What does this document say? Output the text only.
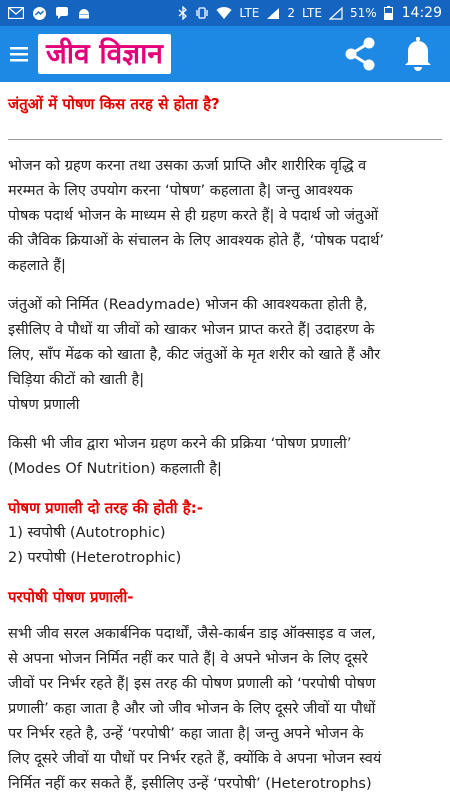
LTE 2 LTE 51% 14:29
जीव विज्ञान
जंतुओं में पोषण किस तरह से होता है?
भोजन को ग्रहण करना तथा उसका ऊर्जा प्राप्ति और शारीरिक वृद्धि व
मरम्मत के लिए उपयोग करना ‘पोषण’ कहलाता है| जन्तु आवश्यक
पोषक पदार्थ भोजन के माध्यम से ही ग्रहण करते हैं| वे पदार्थ जो जंतुओं
की जैविक क्रियाओं के संचालन के लिए आवश्यक होते हैं, ‘पोषक पदार्थ’
कहलाते हैं|
जंतुओं को निर्मित (Readymade) भोजन की आवश्यकता होती है,
इसीलिए वे पौधों या जीवों को खाकर भोजन प्राप्त करते हैं| उदाहरण के
लिए, साँप मेंढक को खाता है, कीट जंतुओं के मृत शरीर को खाते हैं और
चिड़िया कीटों को खाती है|
पोषण प्रणाली
किसी भी जीव द्वारा भोजन ग्रहण करने की प्रक्रिया ‘पोषण प्रणाली’
(Modes Of Nutrition) कहलाती है|
पोषण प्रणाली दो तरह की होती है:-
1) स्वपोषी (Autotrophic)
2) परपोषी (Heterotrophic)
परपोषी पोषण प्रणाली-
सभी जीव सरल अकार्बनिक पदार्थों, जैसे-कार्बन डाइ ऑक्साइड व जल,
से अपना भोजन निर्मित नहीं कर पाते हैं| वे अपने भोजन के लिए दूसरे
जीवों पर निर्भर रहते हैं| इस तरह की पोषण प्रणाली को ‘परपोषी पोषण
प्रणाली’ कहा जाता है और जो जीव भोजन के लिए दूसरे जीवों या पौधों
पर निर्भर रहते है, उन्हें ‘परपोषी’ कहा जाता है| जन्तु अपने भोजन के
लिए दूसरे जीवों या पौधों पर निर्भर रहते हैं, क्योंकि वे अपना भोजन स्वयं
निर्मित नहीं कर सकते हैं, इसीलिए उन्हें ‘परपोषी’ (Heterotrophs)
